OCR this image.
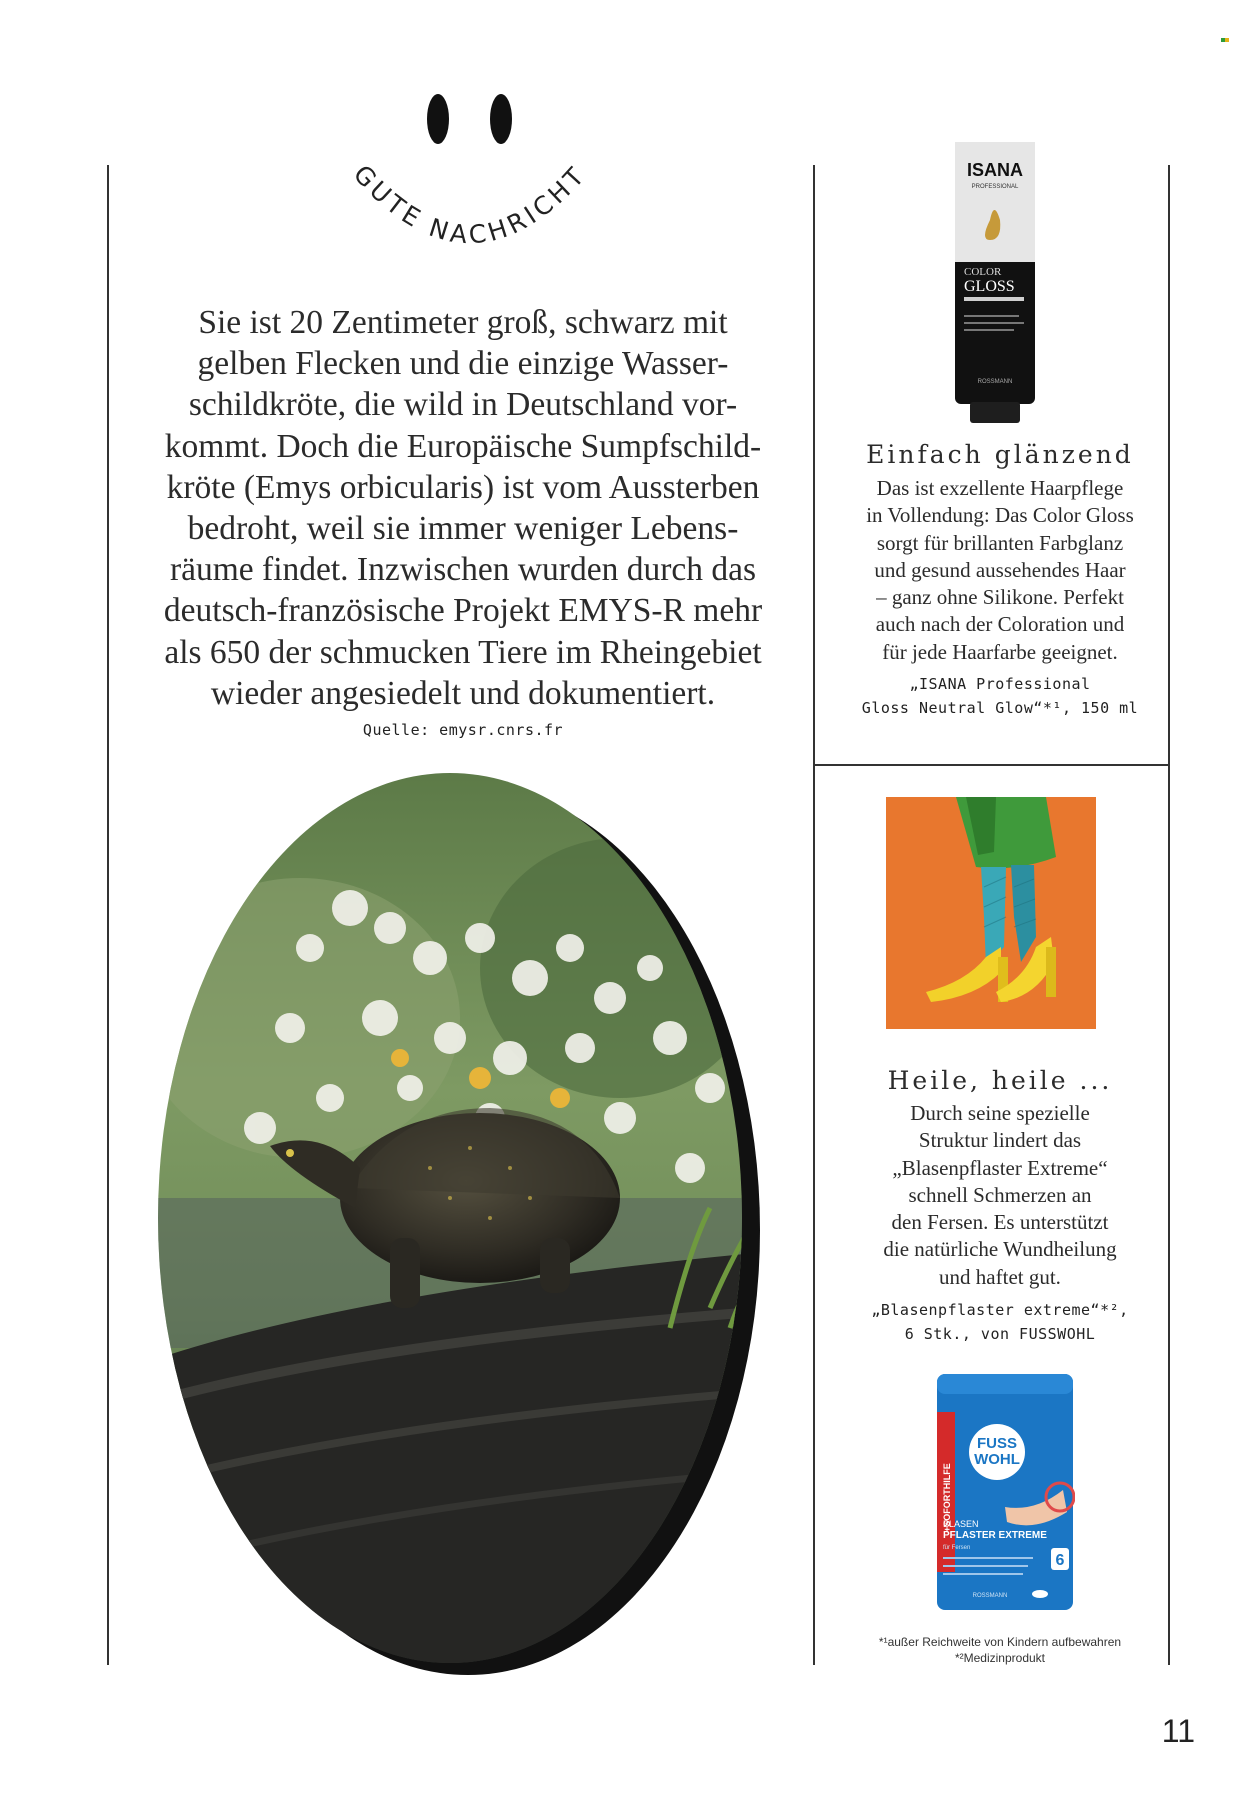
GUTE NACHRICHT

Sie ist 20 Zentimeter groß, schwarz mit
gelben Flecken und die einzige Wasser-
schildkröte, die wild in Deutschland vor-
kommt. Doch die Europäische Sumpfschild-
kröte (Emys orbicularis) ist vom Aussterben
bedroht, weil sie immer weniger Lebens-
räume findet. Inzwischen wurden durch das
deutsch-französische Projekt EMYS-R mehr
als 650 der schmucken Tiere im Rheingebiet
wieder angesiedelt und dokumentiert.

Quelle: emysr.cnrs.fr
ISANA
PROFESSIONAL
COLOR
GLOSS
ROSSMANN
Einfach glänzend

Das ist exzellente Haarpflege
in Vollendung: Das Color Gloss
sorgt für brillanten Farbglanz
und gesund aussehendes Haar
– ganz ohne Silikone. Perfekt
auch nach der Coloration und
für jede Haarfarbe geeignet.

„ISANA Professional
Gloss Neutral Glow“*¹, 150 ml

Heile, heile ...

Durch seine spezielle
Struktur lindert das
„Blasenpflaster Extreme“
schnell Schmerzen an
den Fersen. Es unterstützt
die natürliche Wundheilung
und haftet gut.

„Blasenpflaster extreme“*²,
6 Stk., von FUSSWOHL

+SOFORTHILFE
FUSS
WOHL
BLASEN
PFLASTER EXTREME
für Fersen
6
ROSSMANN

*¹außer Reichweite von Kindern aufbewahren
*²Medizinprodukt

11
